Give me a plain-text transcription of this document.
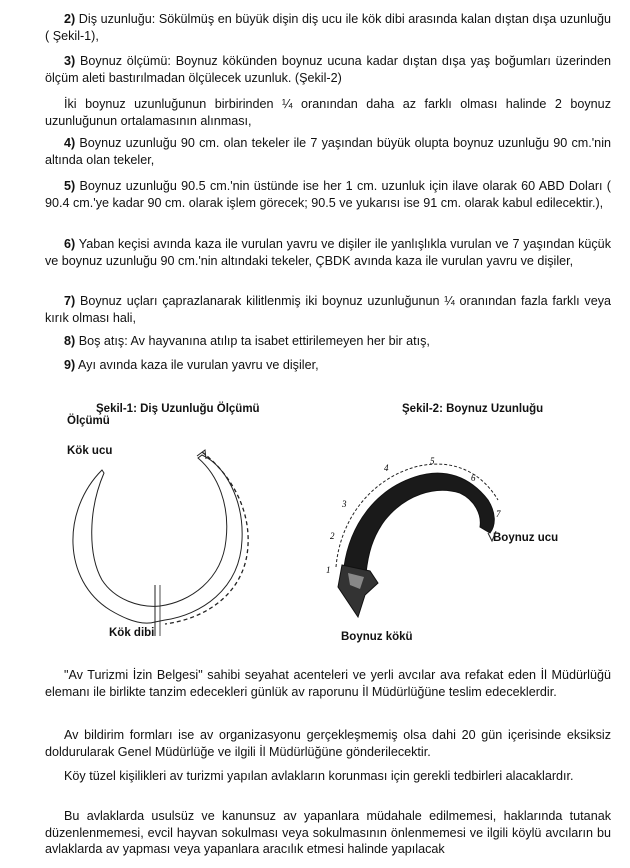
2) Diş uzunluğu: Sökülmüş en büyük dişin diş ucu ile kök dibi arasında kalan dıştan dışa uzunluğu ( Şekil-1),

3) Boynuz ölçümü: Boynuz kökünden boynuz ucuna kadar dıştan dışa yaş boğumları üzerinden ölçüm aleti bastırılmadan ölçülecek uzunluk. (Şekil-2)

İki boynuz uzunluğunun birbirinden ¼ oranından daha az farklı olması halinde 2 boynuz uzunluğunun ortalamasının alınması,

4) Boynuz uzunluğu 90 cm. olan tekeler ile 7 yaşından büyük olupta boynuz uzunluğu 90 cm.'nin altında olan tekeler,

5) Boynuz uzunluğu 90.5 cm.'nin üstünde ise her 1 cm. uzunluk için ilave olarak 60 ABD Doları ( 90.4 cm.'ye kadar 90 cm. olarak işlem görecek; 90.5 ve yukarısı ise 91 cm. olarak kabul edilecektir.),

6) Yaban keçisi avında kaza ile vurulan yavru ve dişiler ile yanlışlıkla vurulan ve 7 yaşından küçük ve boynuz uzunluğu 90 cm.'nin altındaki tekeler, ÇBDK avında kaza ile vurulan yavru ve dişiler,

7) Boynuz uçları çaprazlanarak kilitlenmiş iki boynuz uzunluğunun ¼ oranından fazla farklı veya kırık olması hali,

8) Boş atış: Av hayvanına atılıp ta isabet ettirilemeyen her bir atış,

9) Ayı avında kaza ile vurulan yavru ve dişiler,

Şekil-1: Diş Uzunluğu Ölçümü
Ölçümü
Kök ucu
Kök dibi
Şekil-2: Boynuz Uzunluğu
Boynuz ucu
Boynuz kökü
1
2
3
4
5
6
7

"Av Turizmi İzin Belgesi" sahibi seyahat acenteleri ve yerli avcılar ava refakat eden İl Müdürlüğü elemanı ile birlikte tanzim edecekleri günlük av raporunu İl Müdürlüğüne teslim edeceklerdir.

Av bildirim formları ise av organizasyonu gerçekleşmemiş olsa dahi 20 gün içerisinde eksiksiz doldurularak Genel Müdürlüğe ve ilgili İl Müdürlüğüne gönderilecektir.

Köy tüzel kişilikleri av turizmi yapılan avlakların korunması için gerekli tedbirleri alacaklardır.

Bu avlaklarda usulsüz ve kanunsuz av yapanlara müdahale edilmemesi, haklarında tutanak düzenlenmemesi, evcil hayvan sokulması veya sokulmasının önlenmemesi ve ilgili köylü avcıların bu avlaklarda av yapması veya yapanlara aracılık etmesi halinde yapılacak
